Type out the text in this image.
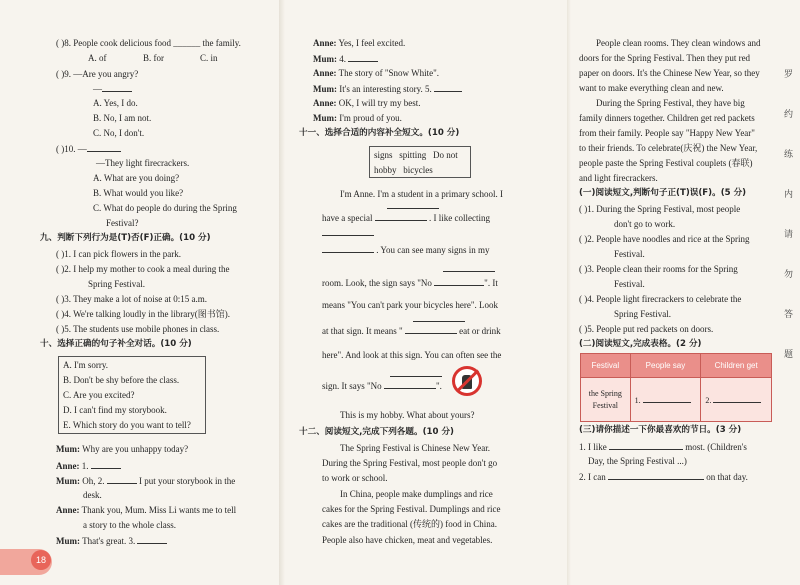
( )8. People cook delicious food ______ the family.
A. of	B. for	C. in
( )9. —Are you angry?
—
A. Yes, I do.
B. No, I am not.
C. No, I don't.
( )10. —
—They light firecrackers.
A. What are you doing?
B. What would you like?
C. What do people do during the Spring
Festival?
九、判断下列行为是(T)否(F)正确。(10 分)
( )1. I can pick flowers in the park.
( )2. I help my mother to cook a meal during the
Spring Festival.
( )3. They make a lot of noise at 0:15 a.m.
( )4. We're talking loudly in the library(图书馆).
( )5. The students use mobile phones in class.
十、选择正确的句子补全对话。(10 分)
A. I'm sorry.
B. Don't be shy before the class.
C. Are you excited?
D. I can't find my storybook.
E. Which story do you want to tell?
Mum: Why are you unhappy today?
Anne: 1.
Mum: Oh, 2.	I put your storybook in the
desk.
Anne: Thank you, Mum. Miss Li wants me to tell
a story to the whole class.
Mum: That's great. 3.
Anne: Yes, I feel excited.
Mum: 4.
Anne: The story of "Snow White".
Mum: It's an interesting story. 5.
Anne: OK, I will try my best.
Mum: I'm proud of you.
十一、选择合适的内容补全短文。(10 分)
signs   spitting   Do not
hobby   bicycles
I'm Anne. I'm a student in a primary school. I
have a special	. I like collecting
. You can see many signs in my
room. Look, the sign says "No	". It
means "You can't park your bicycles here". Look
at that sign. It means "	eat or drink
here". And look at this sign. You can often see the
sign. It says "No	".
This is my hobby. What about yours?
十二、阅读短文,完成下列各题。(10 分)
The Spring Festival is Chinese New Year.
During the Spring Festival, most people don't go
to work or school.
In China, people make dumplings and rice
cakes for the Spring Festival. Dumplings and rice
cakes are the traditional (传统的) food in China.
People also have chicken, meat and vegetables.
People clean rooms. They clean windows and
doors for the Spring Festival. Then they put red
paper on doors. It's the Chinese New Year, so they
want to make everything clean and new.
During the Spring Festival, they have big
family dinners together. Children get red packets
from their family. People say "Happy New Year"
to their friends. To celebrate(庆祝) the New Year,
people paste the Spring Festival couplets (春联)
and light firecrackers.
(一)阅读短文,判断句子正(T)误(F)。(5 分)
( )1. During the Spring Festival, most people
don't go to work.
( )2. People have noodles and rice at the Spring
Festival.
( )3. People clean their rooms for the Spring
Festival.
( )4. People light firecrackers to celebrate the
Spring Festival.
( )5. People put red packets on doors.
(二)阅读短文,完成表格。(2 分)
Festival	People say	Children get
the Spring Festival	1.	2.
(三)请你描述一下你最喜欢的节日。(3 分)
1. I like	most. (Children's
Day, the Spring Festival ...)
2. I can	on that day.
罗
约
练
内
请
勿
答
题
18
